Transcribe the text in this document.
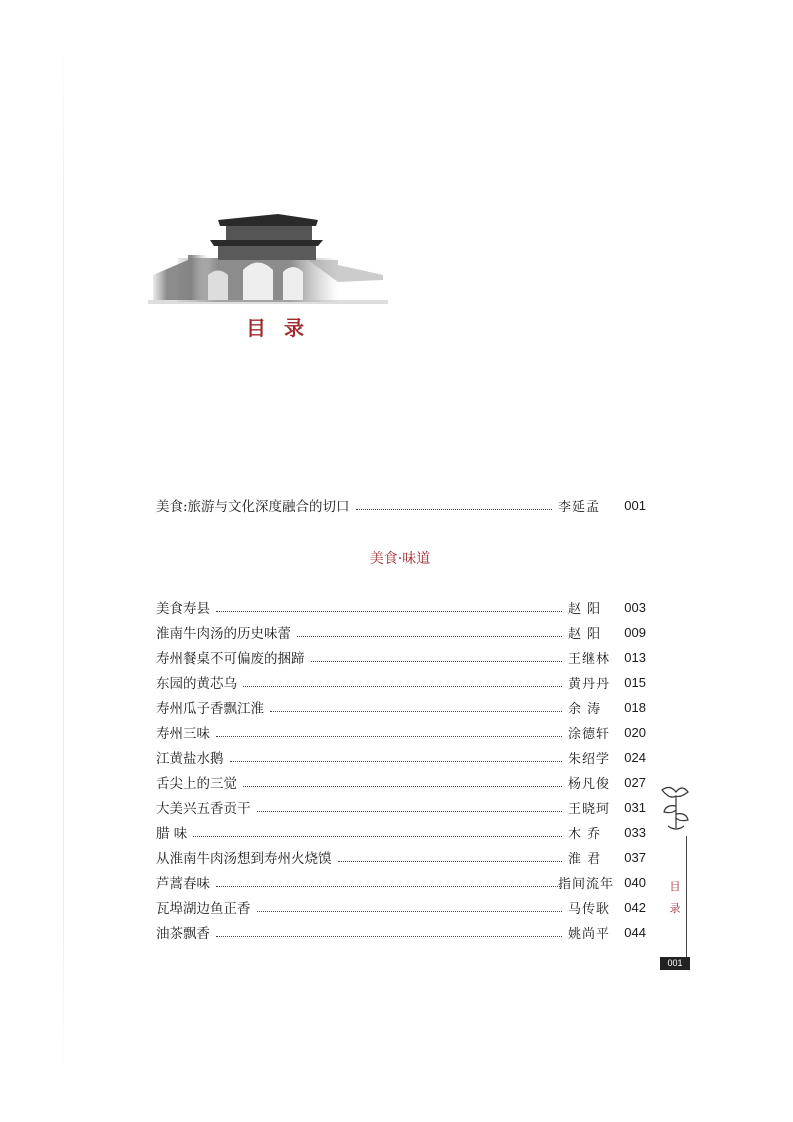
目录
美食:旅游与文化深度融合的切口	李延孟	001
美食·味道
美食寿县	赵 阳	003
淮南牛肉汤的历史味蕾	赵 阳	009
寿州餐桌不可偏废的捆蹄	王继林	013
东园的黄芯乌	黄丹丹	015
寿州瓜子香飘江淮	余 涛	018
寿州三味	涂德轩	020
江黄盐水鹅	朱绍学	024
舌尖上的三觉	杨凡俊	027
大美兴五香贡干	王晓珂	031
腊 味	木 乔	033
从淮南牛肉汤想到寿州火烧馍	淮 君	037
芦蒿春味	指间流年 040
瓦埠湖边鱼正香	马传耿	042
油茶飘香	姚尚平	044
目录
001
